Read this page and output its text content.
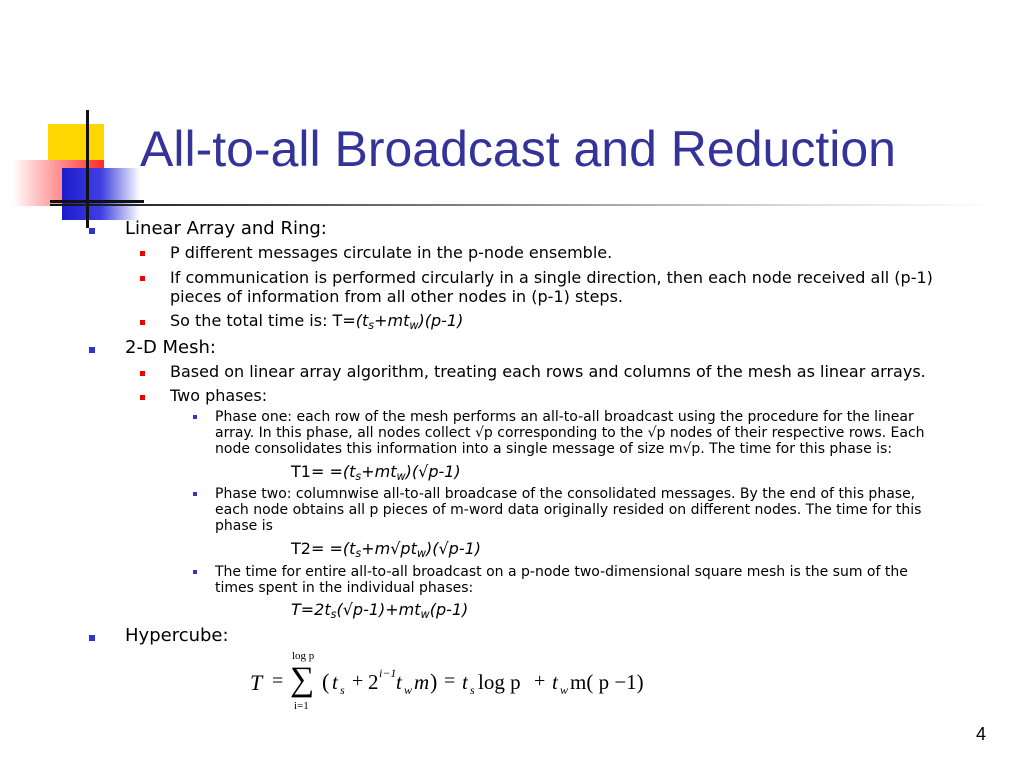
All-to-all Broadcast and Reduction
Linear Array and Ring:
P different messages circulate in the p-node ensemble.
If communication is performed circularly in a single direction, then each node received all (p-1)
pieces of information from all other nodes in (p-1) steps.
So the total time is: $T=(t_s+mt_w)(p-1)$
2-D Mesh:
Based on linear array algorithm, treating each rows and columns of the mesh as linear arrays.
Two phases:
Phase one: each row of the mesh performs an all-to-all broadcast using the procedure for the linear
array. In this phase, all nodes collect √p corresponding to the √p nodes of their respective rows. Each
node consolidates this information into a single message of size m√p. The time for this phase is:
$T1= =(t_s+mt_w)(√p-1)$
Phase two: columnwise all-to-all broadcase of the consolidated messages. By the end of this phase,
each node obtains all p pieces of m-word data originally resided on different nodes. The time for this
phase is
$T2= =(t_s+m√pt_w)(√p-1)$
The time for entire all-to-all broadcast on a p-node two-dimensional square mesh is the sum of the
times spent in the individual phases:
$T=2t_s(√p-1)+mt_w(p-1)$
Hypercube:
T =
log p
∑
i=1
( t s + 2 i−1 t w m ) = t s log p + t w m( p −1)
4
